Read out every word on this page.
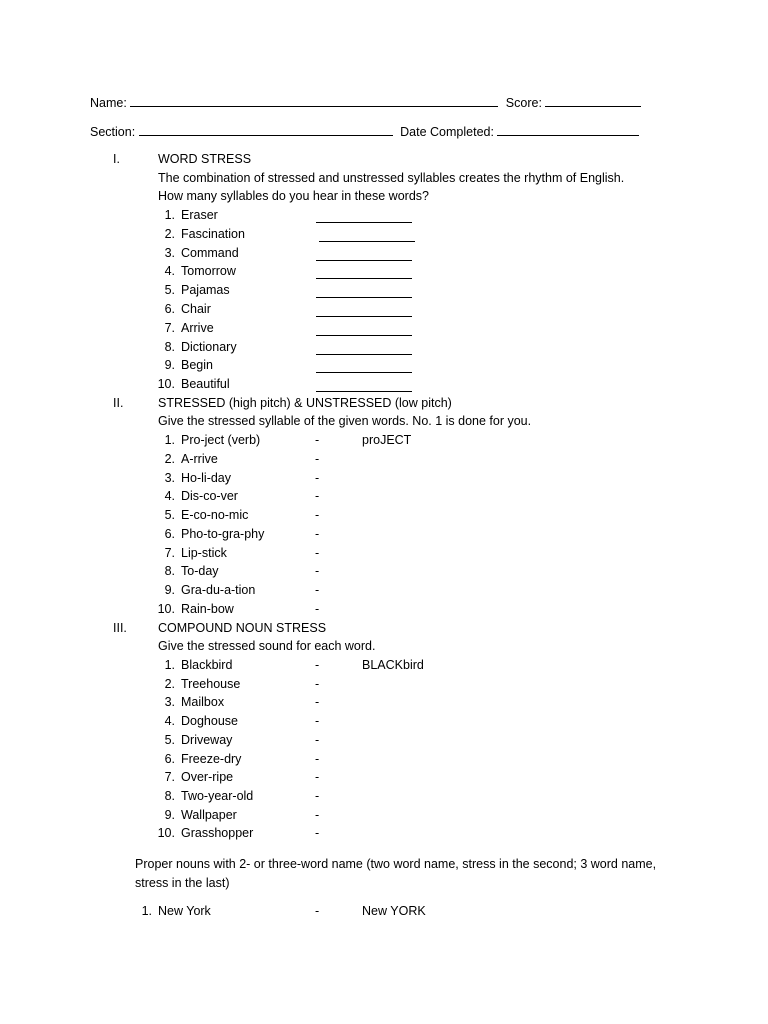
Name:	Score:
Section:	Date Completed:
I.	WORD STRESS
The combination of stressed and unstressed syllables creates the rhythm of English.
How many syllables do you hear in these words?
1. Eraser
2. Fascination
3. Command
4. Tomorrow
5. Pajamas
6. Chair
7. Arrive
8. Dictionary
9. Begin
10. Beautiful
II.	STRESSED (high pitch) & UNSTRESSED (low pitch)
Give the stressed syllable of the given words. No. 1 is done for you.
1. Pro-ject (verb)	-	proJECT
2. A-rrive	-
3. Ho-li-day	-
4. Dis-co-ver	-
5. E-co-no-mic	-
6. Pho-to-gra-phy	-
7. Lip-stick	-
8. To-day	-
9. Gra-du-a-tion	-
10. Rain-bow	-
III. COMPOUND NOUN STRESS
Give the stressed sound for each word.
1. Blackbird	-	BLACKbird
2. Treehouse	-
3. Mailbox	-
4. Doghouse	-
5. Driveway	-
6. Freeze-dry	-
7. Over-ripe	-
8. Two-year-old	-
9. Wallpaper	-
10. Grasshopper	-
Proper nouns with 2- or three-word name (two word name, stress in the second; 3 word name,
stress in the last)
1. New York	-	New YORK
